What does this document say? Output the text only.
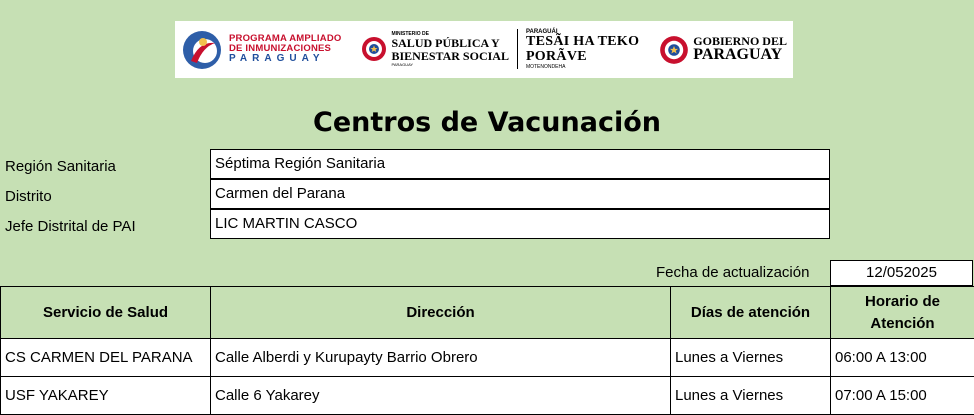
PROGRAMA AMPLIADO
DE INMUNIZACIONES
PARAGUAY
MINISTERIO DE
SALUD PÚBLICA Y
BIENESTAR SOCIAL
PARAGUAY
PARAGUÁI
TESÃI HA TEKO
PORÃVE
MOTENONDEHA
GOBIERNO DEL
PARAGUAY
Centros de Vacunación
Región Sanitaria	Séptima Región Sanitaria
Distrito	Carmen del Parana
Jefe Distrital de PAI	LIC MARTIN CASCO
Fecha de actualización	12/052025
Servicio de Salud	Dirección	Días de atención	Horario de Atención
CS CARMEN DEL PARANA	Calle Alberdi y Kurupayty Barrio Obrero	Lunes a Viernes	06:00 A 13:00
USF YAKAREY	Calle 6 Yakarey	Lunes a Viernes	07:00 A 15:00
